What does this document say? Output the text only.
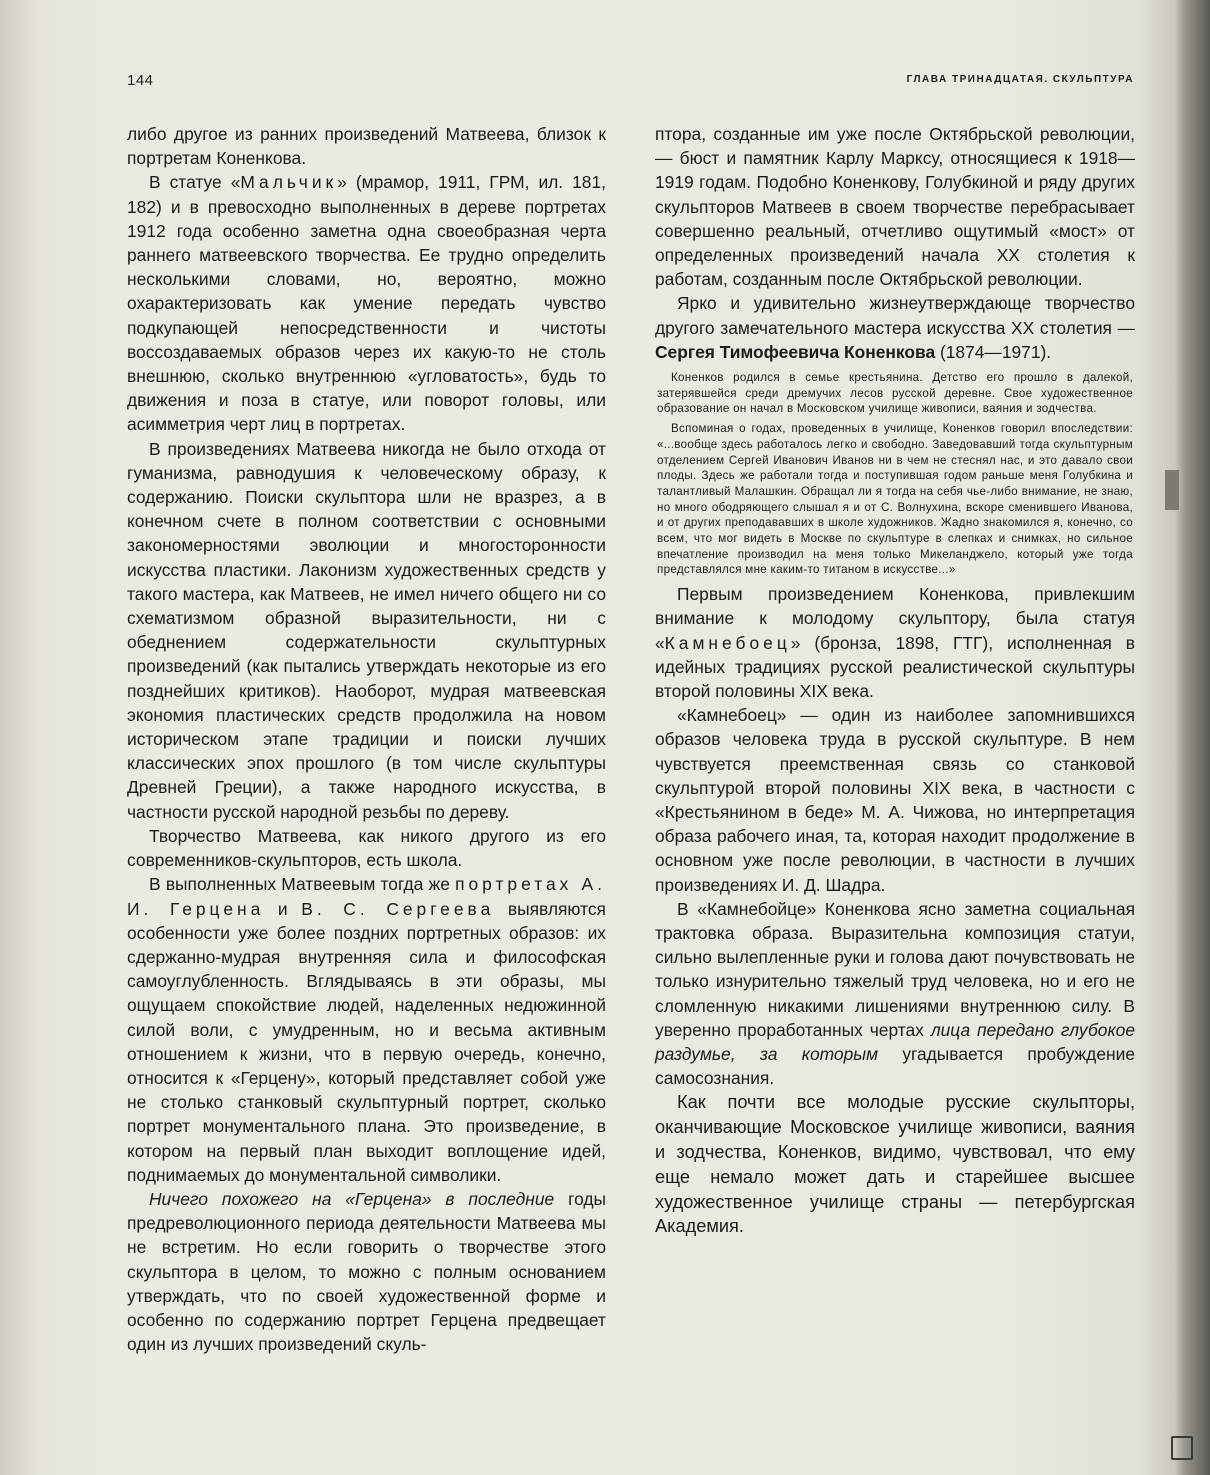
144	ГЛАВА ТРИНАДЦАТАЯ. СКУЛЬПТУРА

либо другое из ранних произведений Матвеева, близок к портретам Коненкова.

В статуе «Мальчик» (мрамор, 1911, ГРМ, ил. 181, 182) и в превосходно выполненных в дереве портретах 1912 года особенно заметна одна своеобразная черта раннего матвеевского творчества. Ее трудно определить несколькими словами, но, вероятно, можно охарактеризовать как умение передать чувство подкупающей непосредственности и чистоты воссоздаваемых образов через их какую-то не столь внешнюю, сколько внутреннюю «угловатость», будь то движения и поза в статуе, или поворот головы, или асимметрия черт лиц в портретах.

В произведениях Матвеева никогда не было отхода от гуманизма, равнодушия к человеческому образу, к содержанию. Поиски скульптора шли не вразрез, а в конечном счете в полном соответствии с основными закономерностями эволюции и многосторонности искусства пластики. Лаконизм художественных средств у такого мастера, как Матвеев, не имел ничего общего ни со схематизмом образной выразительности, ни с обеднением содержательности скульптурных произведений (как пытались утверждать некоторые из его позднейших критиков). Наоборот, мудрая матвеевская экономия пластических средств продолжила на новом историческом этапе традиции и поиски лучших классических эпох прошлого (в том числе скульптуры Древней Греции), а также народного искусства, в частности русской народной резьбы по дереву.

Творчество Матвеева, как никого другого из его современников-скульпторов, есть школа.

В выполненных Матвеевым тогда же портретах А. И. Герцена и В. С. Сергеева выявляются особенности уже более поздних портретных образов: их сдержанно-мудрая внутренняя сила и философская самоуглубленность. Вглядываясь в эти образы, мы ощущаем спокойствие людей, наделенных недюжинной силой воли, с умудренным, но и весьма активным отношением к жизни, что в первую очередь, конечно, относится к «Герцену», который представляет собой уже не столько станковый скульптурный портрет, сколько портрет монументального плана. Это произведение, в котором на первый план выходит воплощение идей, поднимаемых до монументальной символики.

Ничего похожего на «Герцена» в последние годы предреволюционного периода деятельности Матвеева мы не встретим. Но если говорить о творчестве этого скульптора в целом, то можно с полным основанием утверждать, что по своей художественной форме и особенно по содержанию портрет Герцена предвещает один из лучших произведений скуль-

птора, созданные им уже после Октябрьской революции,— бюст и памятник Карлу Марксу, относящиеся к 1918—1919 годам. Подобно Коненкову, Голубкиной и ряду других скульпторов Матвеев в своем творчестве перебрасывает совершенно реальный, отчетливо ощутимый «мост» от определенных произведений начала XX столетия к работам, созданным после Октябрьской революции.

Ярко и удивительно жизнеутверждающе творчество другого замечательного мастера искусства XX столетия — Сергея Тимофеевича Коненкова (1874—1971).

Коненков родился в семье крестьянина. Детство его прошло в далекой, затерявшейся среди дремучих лесов русской деревне. Свое художественное образование он начал в Московском училище живописи, ваяния и зодчества.

Вспоминая о годах, проведенных в училище, Коненков говорил впоследствии: «...вообще здесь работалось легко и свободно. Заведовавший тогда скульптурным отделением Сергей Иванович Иванов ни в чем не стеснял нас, и это давало свои плоды. Здесь же работали тогда и поступившая годом раньше меня Голубкина и талантливый Малашкин. Обращал ли я тогда на себя чье-либо внимание, не знаю, но много ободряющего слышал я и от С. Волнухина, вскоре сменившего Иванова, и от других преподававших в школе художников. Жадно знакомился я, конечно, со всем, что мог видеть в Москве по скульптуре в слепках и снимках, но сильное впечатление производил на меня только Микеланджело, который уже тогда представлялся мне каким-то титаном в искусстве...»

Первым произведением Коненкова, привлекшим внимание к молодому скульптору, была статуя «Камнебоец» (бронза, 1898, ГТГ), исполненная в идейных традициях русской реалистической скульптуры второй половины XIX века.

«Камнебоец» — один из наиболее запомнившихся образов человека труда в русской скульптуре. В нем чувствуется преемственная связь со станковой скульптурой второй половины XIX века, в частности с «Крестьянином в беде» М. А. Чижова, но интерпретация образа рабочего иная, та, которая находит продолжение в основном уже после революции, в частности в лучших произведениях И. Д. Шадра.

В «Камнебойце» Коненкова ясно заметна социальная трактовка образа. Выразительна композиция статуи, сильно вылепленные руки и голова дают почувствовать не только изнурительно тяжелый труд человека, но и его не сломленную никакими лишениями внутреннюю силу. В уверенно проработанных чертах лица передано глубокое раздумье, за которым угадывается пробуждение самосознания.

Как почти все молодые русские скульпторы, оканчивающие Московское училище живописи, ваяния и зодчества, Коненков, видимо, чувствовал, что ему еще немало может дать и старейшее высшее художественное училище страны — петербургская Академия.
